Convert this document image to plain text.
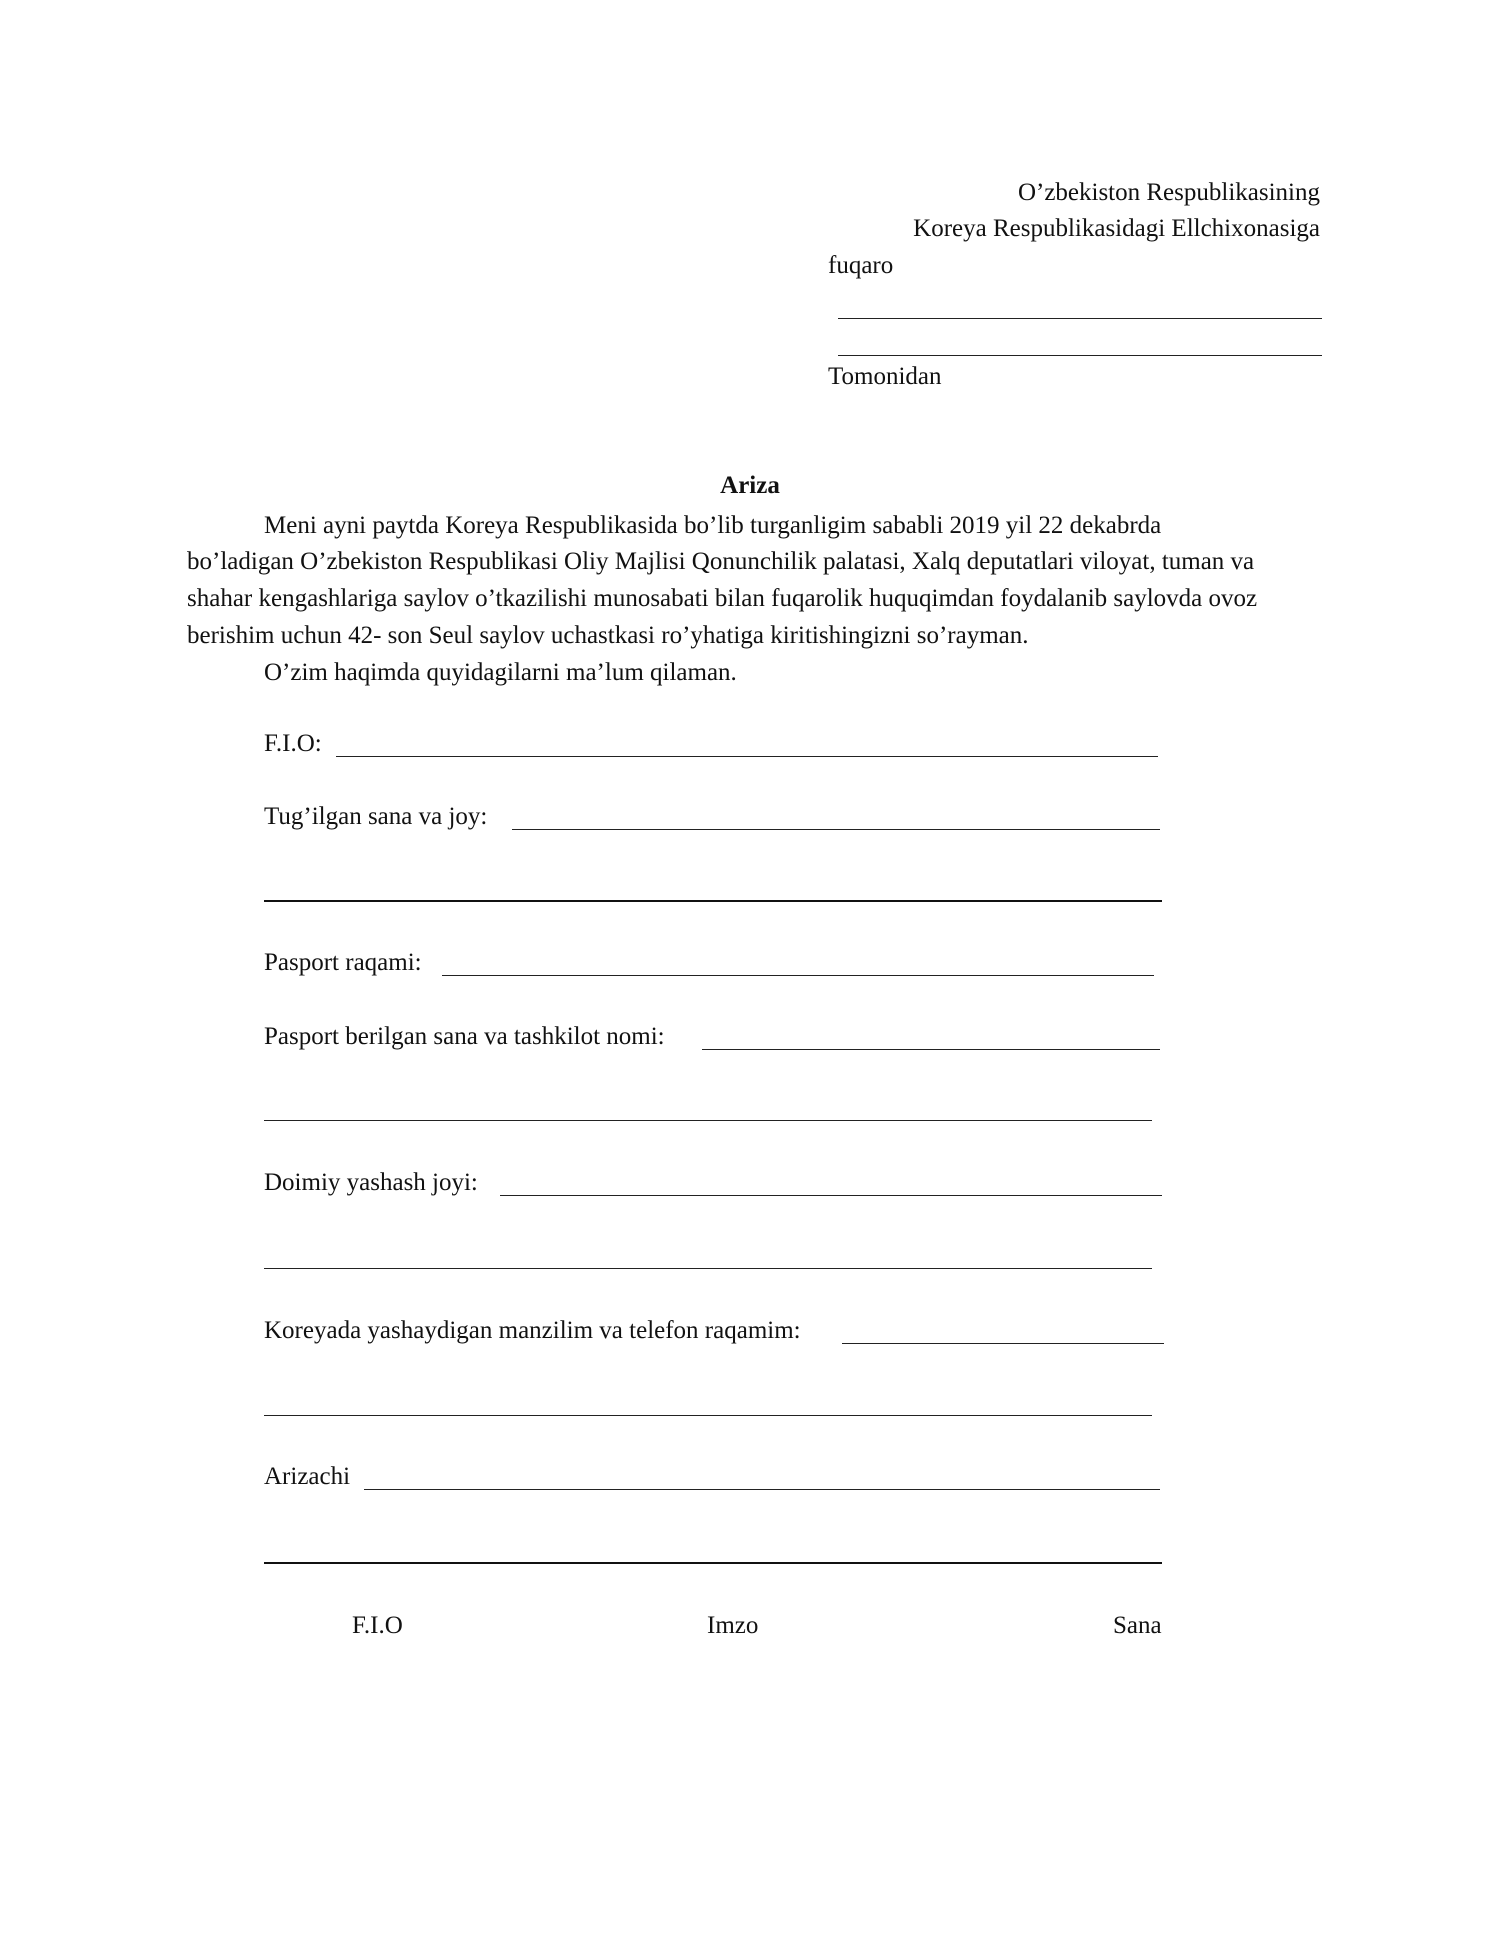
O’zbekiston Respublikasining
Koreya Respublikasidagi Ellchixonasiga
fuqaro
Tomonidan
Ariza
Meni ayni paytda Koreya Respublikasida bo’lib turganligim sababli 2019 yil 22 dekabrda
bo’ladigan O’zbekiston Respublikasi Oliy Majlisi Qonunchilik palatasi, Xalq deputatlari viloyat, tuman va
shahar kengashlariga saylov o’tkazilishi munosabati bilan fuqarolik huquqimdan foydalanib saylovda ovoz
berishim uchun 42- son Seul saylov uchastkasi ro’yhatiga kiritishingizni so’rayman.
O’zim haqimda quyidagilarni ma’lum qilaman.
F.I.O:
Tug’ilgan sana va joy:
Pasport raqami:
Pasport berilgan sana va tashkilot nomi:
Doimiy yashash joyi:
Koreyada yashaydigan manzilim va telefon raqamim:
Arizachi
F.I.O	Imzo	Sana
